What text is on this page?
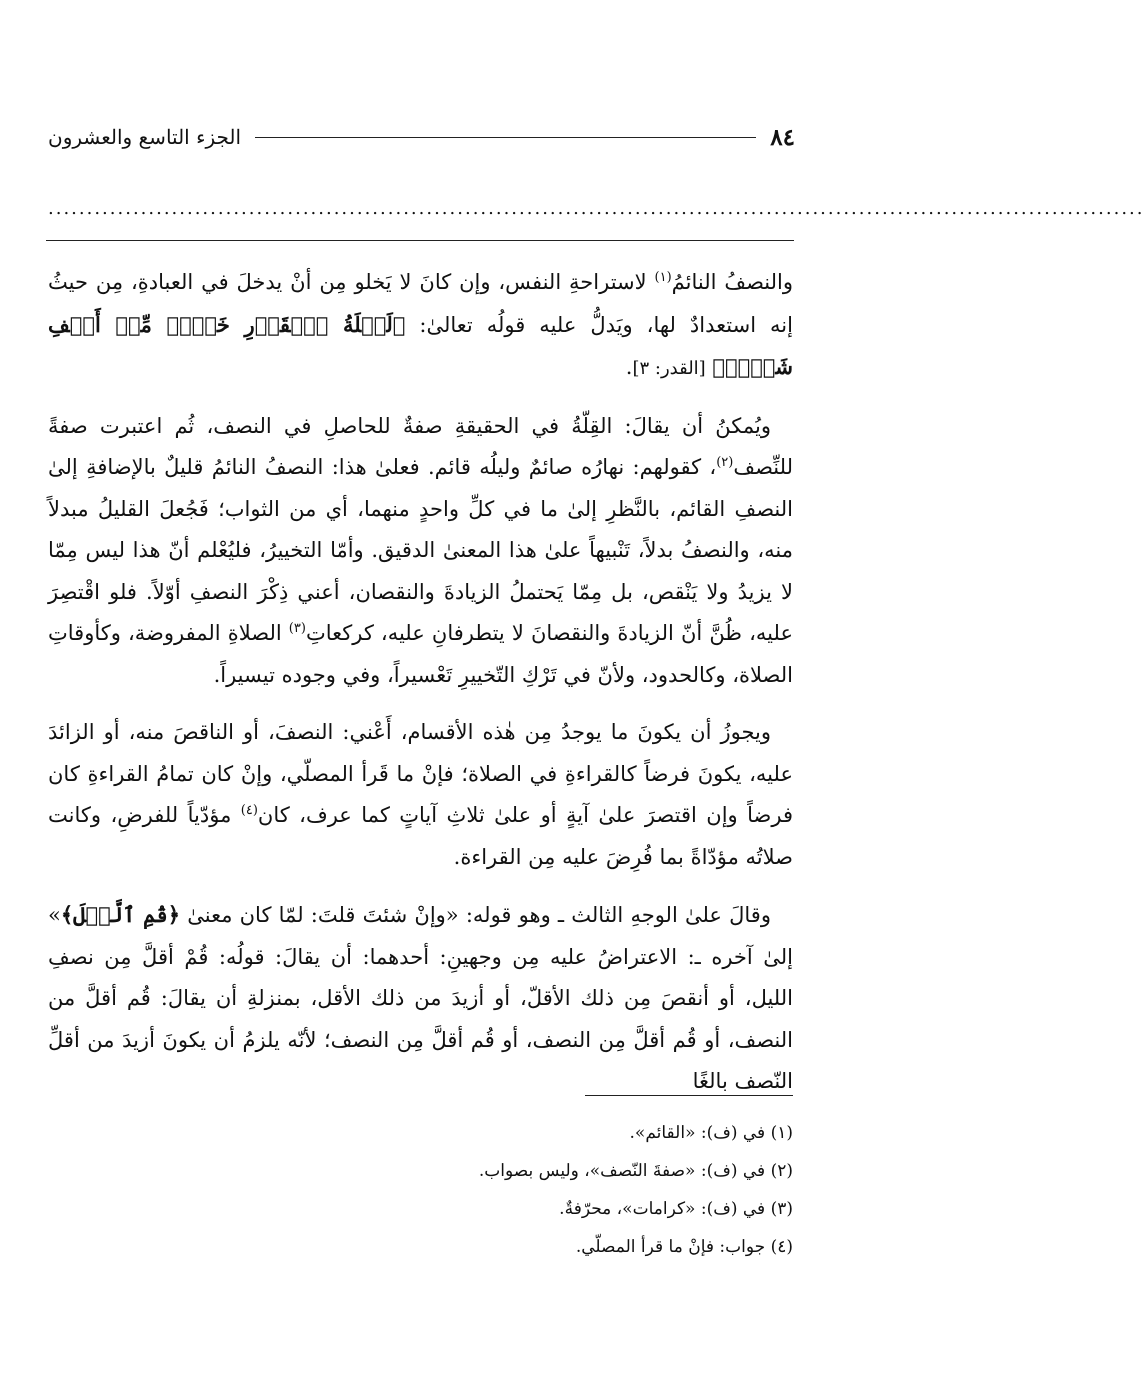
٨٤
الجزء التاسع والعشرون
..............................................................................................................................................

والنصفُ النائمُ$^{(١)}$ لاستراحةِ النفس، وإن كانَ لا يَخلو مِن أنْ يدخلَ في العبادةِ، مِن حيثُ إنه استعدادٌ لها، ويَدلُّ عليه قولُه تعالىٰ: ﴿لَيۡلَةُ ٱلۡقَدۡرِ خَيۡرٞ مِّنۡ أَلۡفِ شَهۡرٖ﴾ [القدر: ٣].

ويُمكنُ أن يقالَ: القِلّةُ في الحقيقةِ صفةٌ للحاصلِ في النصف، ثُم اعتبرت صفةً للنِّصف$^{(٢)}$، كقولهم: نهارُه صائمٌ وليلُه قائم. فعلىٰ هذا: النصفُ النائمُ قليلٌ بالإضافةِ إلىٰ النصفِ القائم، بالنَّظرِ إلىٰ ما في كلِّ واحدٍ منهما، أي من الثواب؛ فَجُعلَ القليلُ مبدلاً منه، والنصفُ بدلاً، تَنْبيهاً علىٰ هذا المعنىٰ الدقيق. وأمّا التخييرُ، فليُعْلم أنّ هذا ليس مِمّا لا يزيدُ ولا يَنْقص، بل مِمّا يَحتملُ الزيادةَ والنقصان، أعني ذِكْرَ النصفِ أوّلاً. فلو اقْتصِرَ عليه، ظُنَّ أنّ الزيادةَ والنقصانَ لا يتطرفانِ عليه، كركعاتِ$^{(٣)}$ الصلاةِ المفروضة، وكأوقاتِ الصلاة، وكالحدود، ولأنّ في تَرْكِ التّخييرِ تَعْسيراً، وفي وجوده تيسيراً.

ويجوزُ أن يكونَ ما يوجدُ مِن هٰذه الأقسام، أَعْني: النصفَ، أو الناقصَ منه، أو الزائدَ عليه، يكونَ فرضاً كالقراءةِ في الصلاة؛ فإنْ ما قَرأ المصلّي، وإنْ كان تمامُ القراءةِ كان فرضاً وإن اقتصرَ علىٰ آيةٍ أو علىٰ ثلاثِ آياتٍ كما عرف، كان$^{(٤)}$ مؤدّياً للفرضِ، وكانت صلاتُه مؤدّاةً بما فُرِضَ عليه مِن القراءة.

وقالَ علىٰ الوجهِ الثالث ـ وهو قوله: «وإنْ شئتَ قلتَ: لمّا كان معنىٰ ﴿قُمِ ٱلَّيۡلَ﴾» إلىٰ آخره ـ: الاعتراضُ عليه مِن وجهينِ: أحدهما: أن يقالَ: قولُه: قُمْ أقلَّ مِن نصفِ الليل، أو أنقصَ مِن ذلك الأقلّ، أو أزيدَ من ذلك الأقل، بمنزلةِ أن يقالَ: قُم أقلَّ من النصف، أو قُم أقلَّ مِن النصف، أو قُم أقلَّ مِن النصف؛ لأنّه يلزمُ أن يكونَ أزيدَ من أقلِّ النّصف بالغًا

(١) في (ف): «القائم».
(٢) في (ف): «صفةَ النّصف»، وليس بصواب.
(٣) في (ف): «كرامات»، محرّفةٌ.
(٤) جواب: فإنْ ما قرأ المصلّي.
